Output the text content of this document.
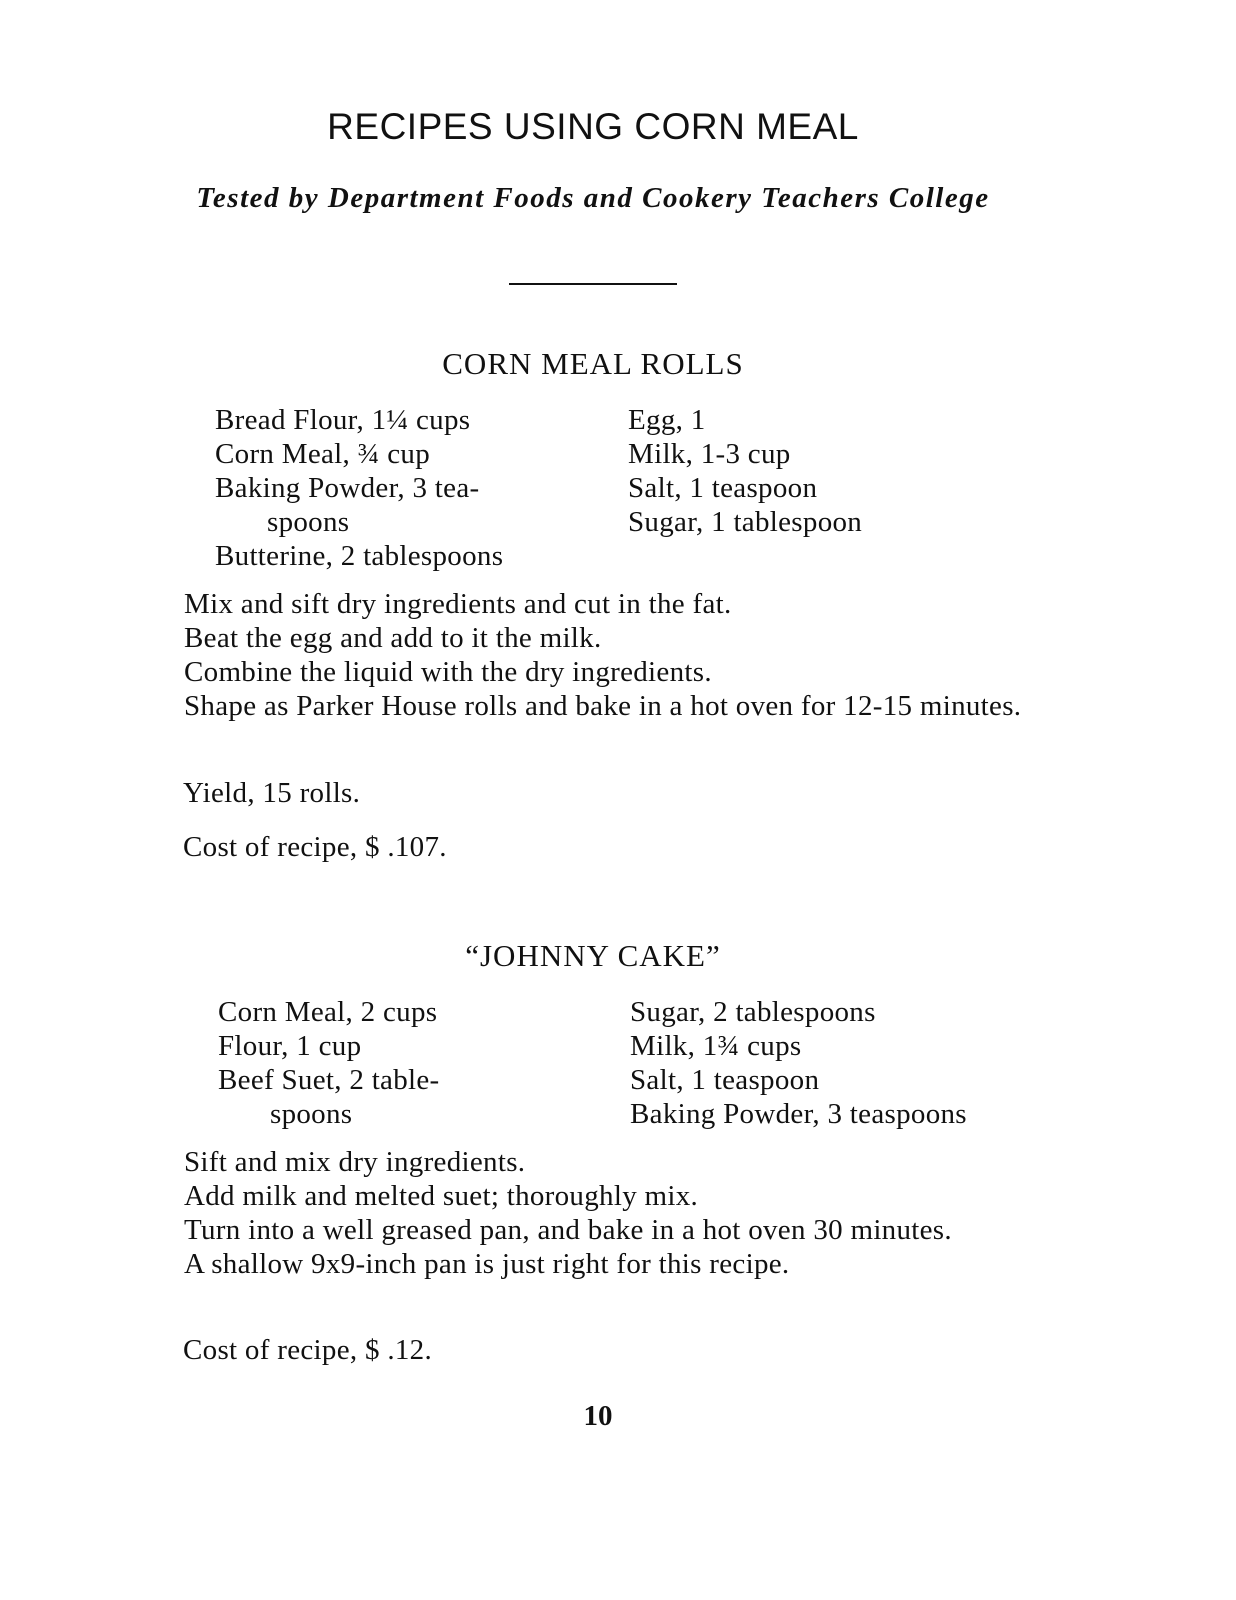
RECIPES USING CORN MEAL

Tested by Department Foods and Cookery Teachers College

CORN MEAL ROLLS
Bread Flour, 1¼ cups
Corn Meal, ¾ cup
Baking Powder, 3 tea-
spoons
Butterine, 2 tablespoons
Egg, 1
Milk, 1-3 cup
Salt, 1 teaspoon
Sugar, 1 tablespoon

Mix and sift dry ingredients and cut in the fat.

Beat the egg and add to it the milk.

Combine the liquid with the dry ingredients.

Shape as Parker House rolls and bake in a hot oven for 12-15 minutes.

Yield, 15 rolls.

Cost of recipe, $ .107.

“JOHNNY CAKE”
Corn Meal, 2 cups
Flour, 1 cup
Beef Suet, 2 table-
spoons
Sugar, 2 tablespoons
Milk, 1¾ cups
Salt, 1 teaspoon
Baking Powder, 3 teaspoons

Sift and mix dry ingredients.

Add milk and melted suet; thoroughly mix.

Turn into a well greased pan, and bake in a hot oven 30 minutes.

A shallow 9x9-inch pan is just right for this recipe.

Cost of recipe, $ .12.

10
